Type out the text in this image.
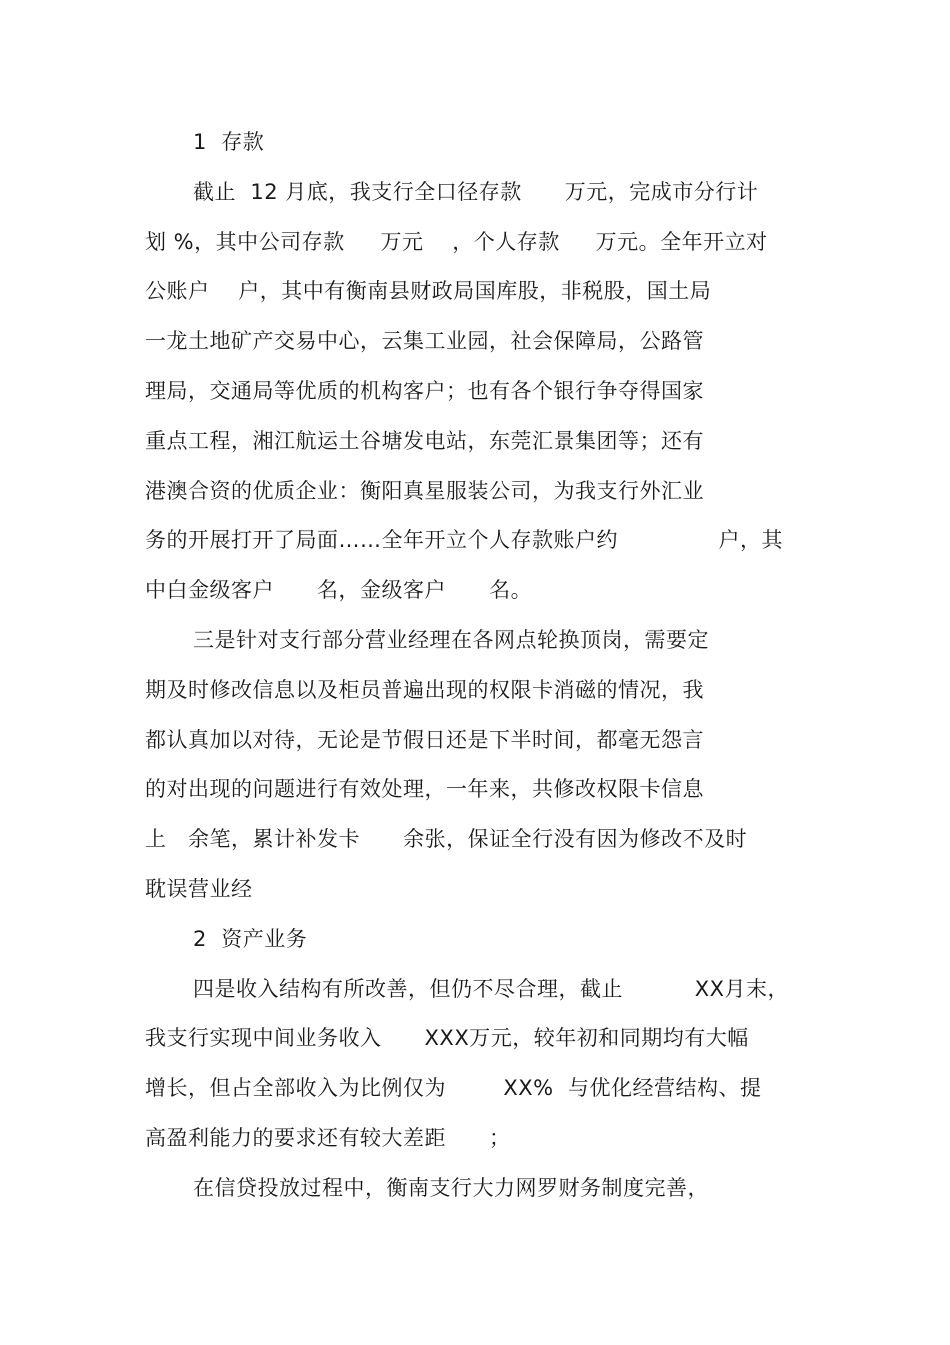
1  存款
截止  12 月底，我支行全口径存款      万元，完成市分行计
划 %，其中公司存款     万元    ，个人存款     万元。全年开立对
公账户    户，其中有衡南县财政局国库股，非税股，国土局
一龙土地矿产交易中心，云集工业园，社会保障局，公路管
理局，交通局等优质的机构客户；也有各个银行争夺得国家
重点工程，湘江航运土谷塘发电站，东莞汇景集团等；还有
港澳合资的优质企业：衡阳真星服装公司，为我支行外汇业
务的开展打开了局面……全年开立个人存款账户约              户，其
中白金级客户      名，金级客户      名。
三是针对支行部分营业经理在各网点轮换顶岗，需要定
期及时修改信息以及柜员普遍出现的权限卡消磁的情况，我
都认真加以对待，无论是节假日还是下半时间，都毫无怨言
的对出现的问题进行有效处理，一年来，共修改权限卡信息
上   余笔，累计补发卡      余张，保证全行没有因为修改不及时
耽误营业经
2  资产业务
四是收入结构有所改善，但仍不尽合理，截止          XX月末，
我支行实现中间业务收入      XXX万元，较年初和同期均有大幅
增长，但占全部收入为比例仅为        XX%  与优化经营结构、提
高盈利能力的要求还有较大差距      ；
在信贷投放过程中，衡南支行大力网罗财务制度完善，
